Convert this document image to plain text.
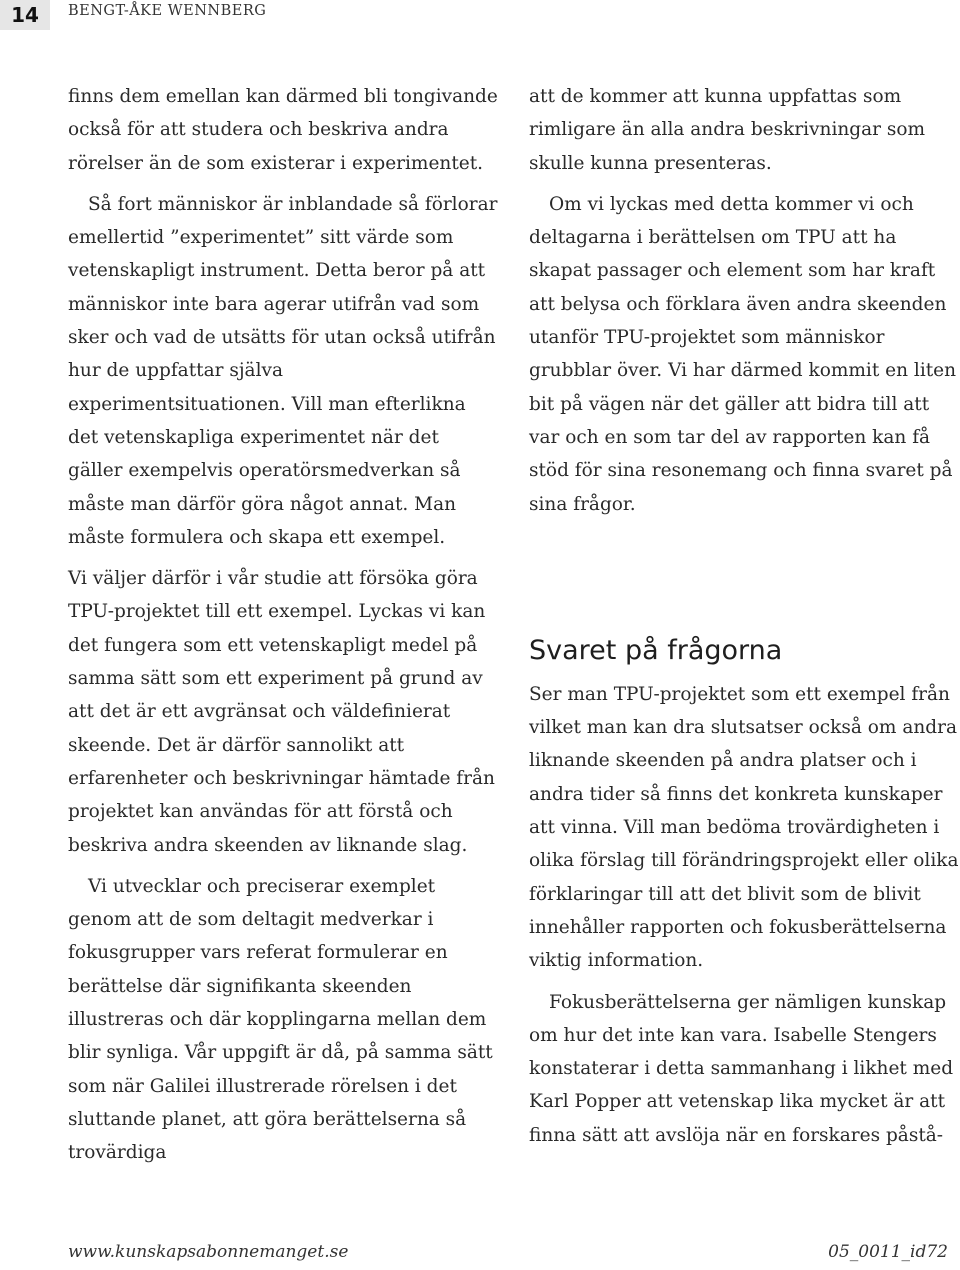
14	BENGT-ÅKE WENNBERG

finns dem emellan kan därmed bli tongivande också för att studera och beskriva andra rörelser än de som existerar i experimentet.

Så fort människor är inblandade så förlorar emellertid ”experimentet” sitt värde som vetenskapligt instrument. Detta beror på att människor inte bara agerar utifrån vad som sker och vad de utsätts för utan också utifrån hur de uppfattar själva experimentsituationen. Vill man efterlikna det vetenskapliga experimentet när det gäller exempelvis operatörsmedverkan så måste man därför göra något annat. Man måste formulera och skapa ett exempel.

Vi väljer därför i vår studie att försöka göra TPU-projektet till ett exempel. Lyckas vi kan det fungera som ett vetenskapligt medel på samma sätt som ett experiment på grund av att det är ett avgränsat och väldefinierat skeende. Det är därför sannolikt att erfarenheter och beskrivningar hämtade från projektet kan användas för att förstå och beskriva andra skeenden av liknande slag.

Vi utvecklar och preciserar exemplet genom att de som deltagit medverkar i fokusgrupper vars referat formulerar en berättelse där signifikanta skeenden illustreras och där kopplingarna mellan dem blir synliga. Vår uppgift är då, på samma sätt som när Galilei illustrerade rörelsen i det sluttande planet, att göra berättelserna så trovärdiga

att de kommer att kunna uppfattas som rimligare än alla andra beskrivningar som skulle kunna presenteras.

Om vi lyckas med detta kommer vi och deltagarna i berättelsen om TPU att ha skapat passager och element som har kraft att belysa och förklara även andra skeenden utanför TPU-projektet som människor grubblar över. Vi har därmed kommit en liten bit på vägen när det gäller att bidra till att var och en som tar del av rapporten kan få stöd för sina resonemang och finna svaret på sina frågor.

Svaret på frågorna

Ser man TPU-projektet som ett exempel från vilket man kan dra slutsatser också om andra liknande skeenden på andra platser och i andra tider så finns det konkreta kunskaper att vinna. Vill man bedöma trovärdigheten i olika förslag till förändringsprojekt eller olika förklaringar till att det blivit som de blivit innehåller rapporten och fokusberättelserna viktig information.

Fokusberättelserna ger nämligen kunskap om hur det inte kan vara. Isabelle Stengers konstaterar i detta sammanhang i likhet med Karl Popper att vetenskap lika mycket är att finna sätt att avslöja när en forskares påstå-

www.kunskapsabonnemanget.se	05_0011_id72
